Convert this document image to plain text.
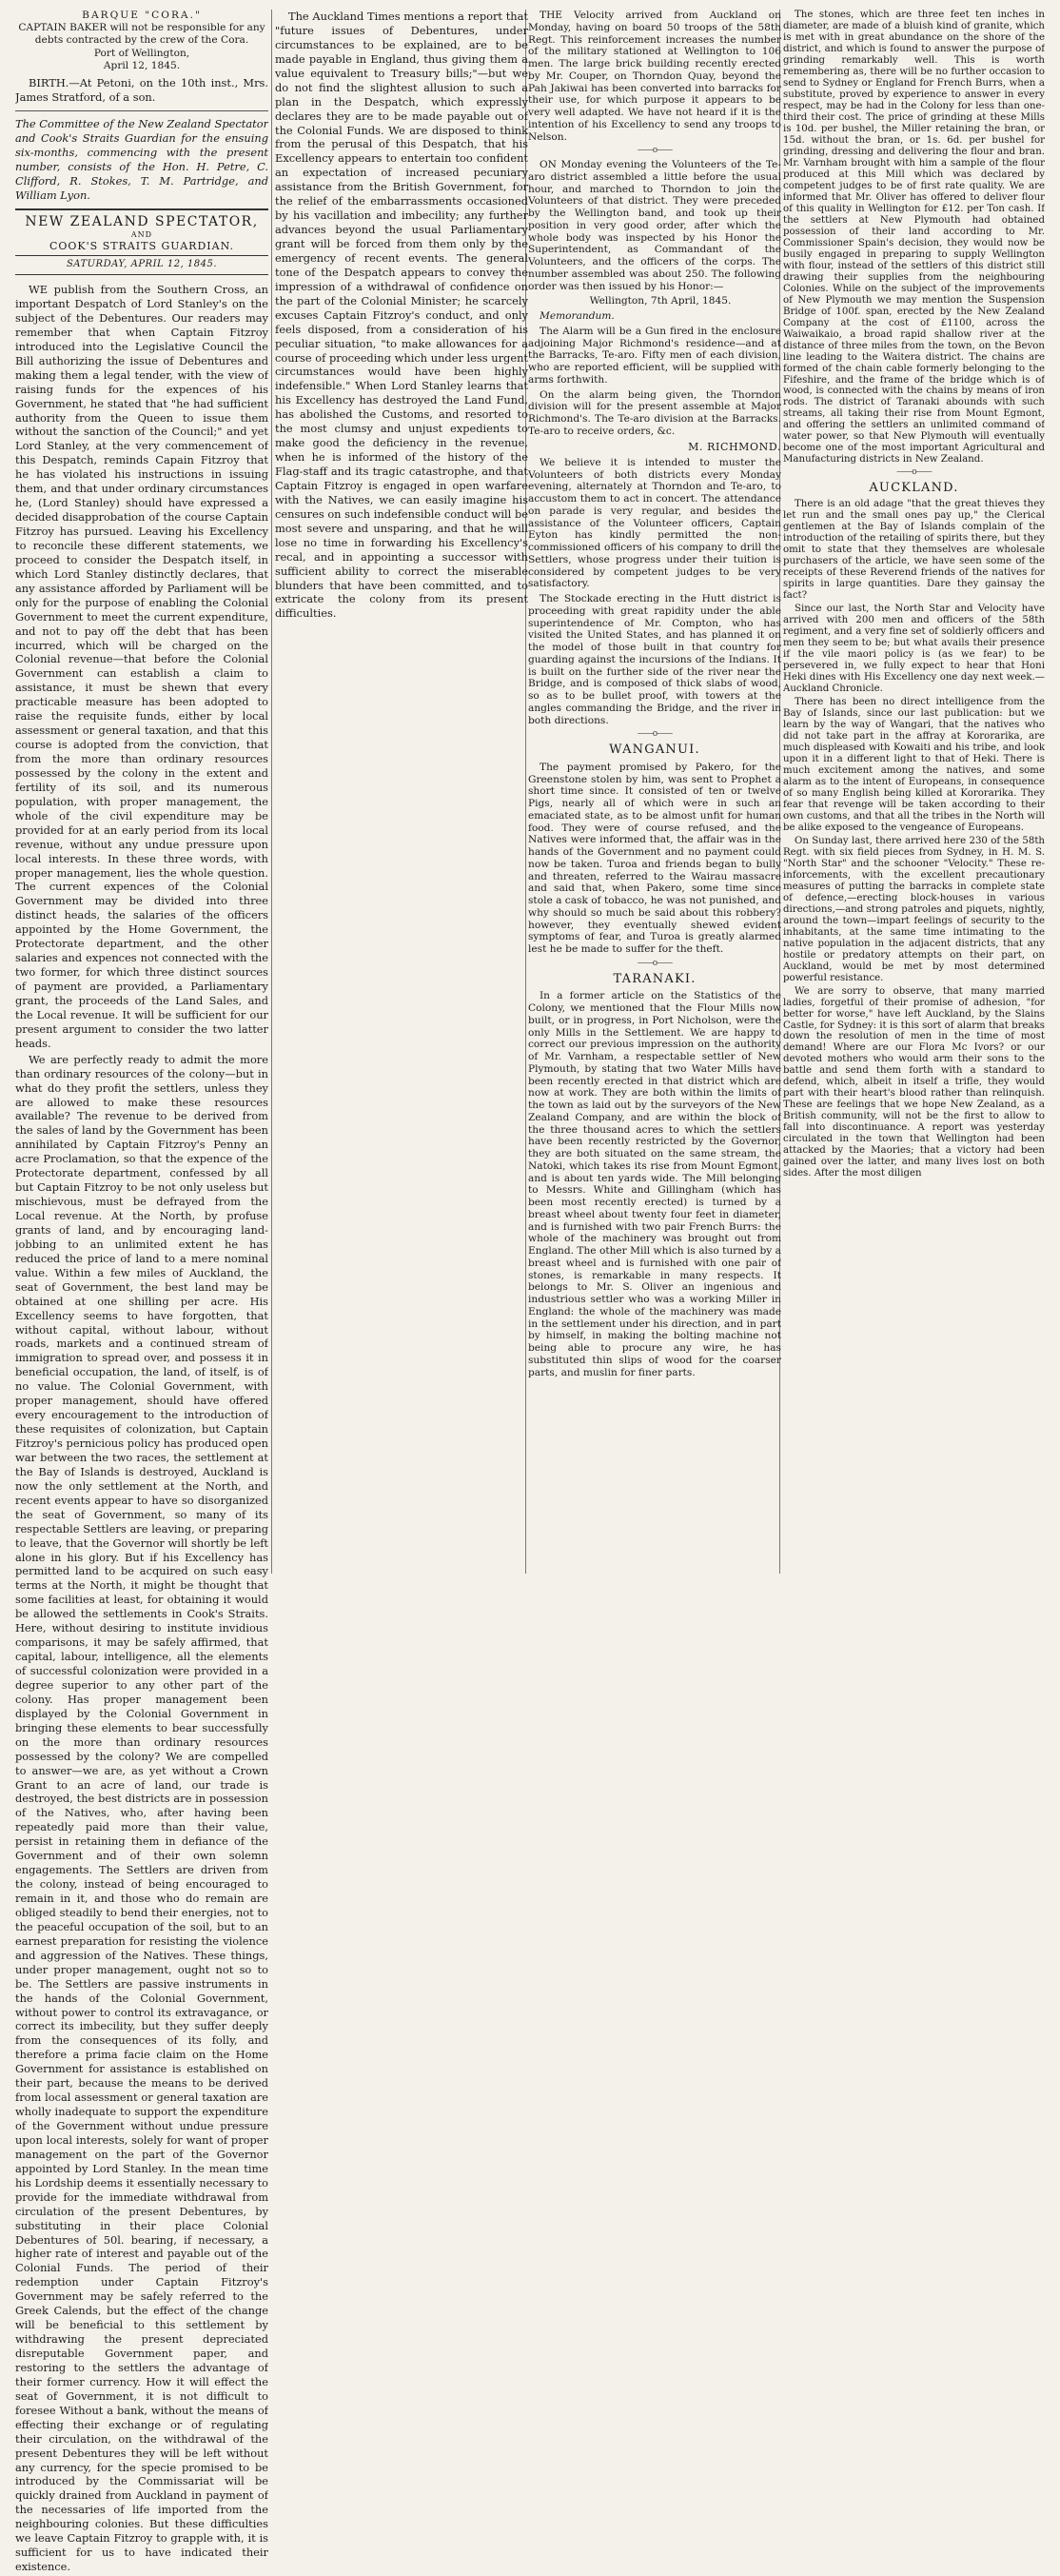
BARQUE "CORA."
CAPTAIN BAKER will not be responsible for any debts contracted by the crew of the Cora.
Port of Wellington,
April 12, 1845.

BIRTH.—At Petoni, on the 10th inst., Mrs. James Stratford, of a son.

The Committee of the New Zealand Spectator and Cook's Straits Guardian for the ensuing six-months, commencing with the present number, consists of the Hon. H. Petre, C. Clifford, R. Stokes, T. M. Partridge, and William Lyon.

NEW ZEALAND SPECTATOR,
AND
COOK'S STRAITS GUARDIAN.
SATURDAY, APRIL 12, 1845.

WE publish from the Southern Cross, an important Despatch of Lord Stanley's on the subject of the Debentures. Our readers may remember that when Captain Fitzroy introduced into the Legislative Council the Bill authorizing the issue of Debentures and making them a legal tender, with the view of raising funds for the expences of his Government, he stated that "he had sufficient authority from the Queen to issue them without the sanction of the Council;" and yet Lord Stanley, at the very commencement of this Despatch, reminds Capain Fitzroy that he has violated his instructions in issuing them, and that under ordinary circumstances he, (Lord Stanley) should have expressed a decided disapprobation of the course Captain Fitzroy has pursued. Leaving his Excellency to reconcile these different statements, we proceed to consider the Despatch itself, in which Lord Stanley distinctly declares, that any assistance afforded by Parliament will be only for the purpose of enabling the Colonial Government to meet the current expenditure, and not to pay off the debt that has been incurred, which will be charged on the Colonial revenue—that before the Colonial Government can establish a claim to assistance, it must be shewn that every practicable measure has been adopted to raise the requisite funds, either by local assessment or general taxation, and that this course is adopted from the conviction, that from the more than ordinary resources possessed by the colony in the extent and fertility of its soil, and its numerous population, with proper management, the whole of the civil expenditure may be provided for at an early period from its local revenue, without any undue pressure upon local interests. In these three words, with proper management, lies the whole question. The current expences of the Colonial Government may be divided into three distinct heads, the salaries of the officers appointed by the Home Government, the Protectorate department, and the other salaries and expences not connected with the two former, for which three distinct sources of payment are provided, a Parliamentary grant, the proceeds of the Land Sales, and the Local revenue. It will be sufficient for our present argument to consider the two latter heads.

We are perfectly ready to admit the more than ordinary resources of the colony—but in what do they profit the settlers, unless they are allowed to make these resources available? The revenue to be derived from the sales of land by the Government has been annihilated by Captain Fitzroy's Penny an acre Proclamation, so that the expence of the Protectorate department, confessed by all but Captain Fitzroy to be not only useless but mischievous, must be defrayed from the Local revenue. At the North, by profuse grants of land, and by encouraging land-jobbing to an unlimited extent he has reduced the price of land to a mere nominal value. Within a few miles of Auckland, the seat of Government, the best land may be obtained at one shilling per acre. His Excellency seems to have forgotten, that without capital, without labour, without roads, markets and a continued stream of immigration to spread over, and possess it in beneficial occupation, the land, of itself, is of no value. The Colonial Government, with proper management, should have offered every encouragement to the introduction of these requisites of colonization, but Captain Fitzroy's pernicious policy has produced open war between the two races, the settlement at the Bay of Islands is destroyed, Auckland is now the only settlement at the North, and recent events appear to have so disorganized the seat of Government, so many of its respectable Settlers are leaving, or preparing to leave, that the Governor will shortly be left alone in his glory. But if his Excellency has permitted land to be acquired on such easy terms at the North, it might be thought that some facilities at least, for obtaining it would be allowed the settlements in Cook's Straits. Here, without desiring to institute invidious comparisons, it may be safely affirmed, that capital, labour, intelligence, all the elements of successful colonization were provided in a degree superior to any other part of the colony. Has proper management been displayed by the Colonial Government in bringing these elements to bear successfully on the more than ordinary resources possessed by the colony? We are compelled to answer—we are, as yet without a Crown Grant to an acre of land, our trade is destroyed, the best districts are in possession of the Natives, who, after having been repeatedly paid more than their value, persist in retaining them in defiance of the Government and of their own solemn engagements. The Settlers are driven from the colony, instead of being encouraged to remain in it, and those who do remain are obliged steadily to bend their energies, not to the peaceful occupation of the soil, but to an earnest preparation for resisting the violence and aggression of the Natives. These things, under proper management, ought not so to be. The Settlers are passive instruments in the hands of the Colonial Government, without power to control its extravagance, or correct its imbecility, but they suffer deeply from the consequences of its folly, and therefore a prima facie claim on the Home Government for assistance is established on their part, because the means to be derived from local assessment or general taxation are wholly inadequate to support the expenditure of the Government without undue pressure upon local interests, solely for want of proper management on the part of the Governor appointed by Lord Stanley. In the mean time his Lordship deems it essentially necessary to provide for the immediate withdrawal from circulation of the present Debentures, by substituting in their place Colonial Debentures of 50l. bearing, if necessary, a higher rate of interest and payable out of the Colonial Funds. The period of their redemption under Captain Fitzroy's Government may be safely referred to the Greek Calends, but the effect of the change will be beneficial to this settlement by withdrawing the present depreciated disreputable Government paper, and restoring to the settlers the advantage of their former currency. How it will effect the seat of Government, it is not difficult to foresee Without a bank, without the means of effecting their exchange or of regulating their circulation, on the withdrawal of the present Debentures they will be left without any currency, for the specie promised to be introduced by the Commissariat will be quickly drained from Auckland in payment of the necessaries of life imported from the neighbouring colonies. But these difficulties we leave Captain Fitzroy to grapple with, it is sufficient for us to have indicated their existence.

The Auckland Times mentions a report that "future issues of Debentures, under circumstances to be explained, are to be made payable in England, thus giving them a value equivalent to Treasury bills;"—but we do not find the slightest allusion to such a plan in the Despatch, which expressly declares they are to be made payable out of the Colonial Funds. We are disposed to think from the perusal of this Despatch, that his Excellency appears to entertain too confident an expectation of increased pecuniary assistance from the British Government, for the relief of the embarrassments occasioned by his vacillation and imbecility; any further advances beyond the usual Parliamentary grant will be forced from them only by the emergency of recent events. The general tone of the Despatch appears to convey the impression of a withdrawal of confidence on the part of the Colonial Minister; he scarcely excuses Captain Fitzroy's conduct, and only feels disposed, from a consideration of his peculiar situation, "to make allowances for a course of proceeding which under less urgent circumstances would have been highly indefensible." When Lord Stanley learns that his Excellency has destroyed the Land Fund, has abolished the Customs, and resorted to the most clumsy and unjust expedients to make good the deficiency in the revenue, when he is informed of the history of the Flag-staff and its tragic catastrophe, and that Captain Fitzroy is engaged in open warfare with the Natives, we can easily imagine his censures on such indefensible conduct will be most severe and unsparing, and that he will lose no time in forwarding his Excellency's recal, and in appointing a successor with sufficient ability to correct the miserable blunders that have been committed, and to extricate the colony from its present difficulties.

THE Velocity arrived from Auckland on Monday, having on board 50 troops of the 58th Regt. This reinforcement increases the number of the military stationed at Wellington to 106 men. The large brick building recently erected by Mr. Couper, on Thorndon Quay, beyond the Pah Jakiwai has been converted into barracks for their use, for which purpose it appears to be very well adapted. We have not heard if it is the intention of his Excellency to send any troops to Nelson.

——o——

ON Monday evening the Volunteers of the Te-aro district assembled a little before the usual hour, and marched to Thorndon to join the Volunteers of that district. They were preceded by the Wellington band, and took up their position in very good order, after which the whole body was inspected by his Honor the Superintendent, as Commandant of the Volunteers, and the officers of the corps. The number assembled was about 250. The following order was then issued by his Honor:—

Wellington, 7th April, 1845.

Memorandum.

The Alarm will be a Gun fired in the enclosure adjoining Major Richmond's residence—and at the Barracks, Te-aro. Fifty men of each division, who are reported efficient, will be supplied with arms forthwith.

On the alarm being given, the Thorndon division will for the present assemble at Major Richmond's. The Te-aro division at the Barracks. Te-aro to receive orders, &c.

M. RICHMOND.

We believe it is intended to muster the Volunteers of both districts every Monday evening, alternately at Thorndon and Te-aro, to accustom them to act in concert. The attendance on parade is very regular, and besides the assistance of the Volunteer officers, Captain Eyton has kindly permitted the non-commissioned officers of his company to drill the Settlers, whose progress under their tuition is considered by competent judges to be very satisfactory.

The Stockade erecting in the Hutt district is proceeding with great rapidity under the able superintendence of Mr. Compton, who has visited the United States, and has planned it on the model of those built in that country for guarding against the incursions of the Indians. It is built on the further side of the river near the Bridge, and is composed of thick slabs of wood, so as to be bullet proof, with towers at the angles commanding the Bridge, and the river in both directions.

——o——
WANGANUI.

The payment promised by Pakero, for the Greenstone stolen by him, was sent to Prophet a short time since. It consisted of ten or twelve Pigs, nearly all of which were in such an emaciated state, as to be almost unfit for human food. They were of course refused, and the Natives were informed that, the affair was in the hands of the Government and no payment could now be taken. Turoa and friends began to bully and threaten, referred to the Wairau massacre and said that, when Pakero, some time since stole a cask of tobacco, he was not punished, and why should so much be said about this robbery? however, they eventually shewed evident symptoms of fear, and Turoa is greatly alarmed lest he be made to suffer for the theft.

——o——
TARANAKI.

In a former article on the Statistics of the Colony, we mentioned that the Flour Mills now built, or in progress, in Port Nicholson, were the only Mills in the Settlement. We are happy to correct our previous impression on the authority of Mr. Varnham, a respectable settler of New Plymouth, by stating that two Water Mills have been recently erected in that district which are now at work. They are both within the limits of the town as laid out by the surveyors of the New Zealand Company, and are within the block of the three thousand acres to which the settlers have been recently restricted by the Governor, they are both situated on the same stream, the Natoki, which takes its rise from Mount Egmont, and is about ten yards wide. The Mill belonging to Messrs. White and Gillingham (which has been most recently erected) is turned by a breast wheel about twenty four feet in diameter, and is furnished with two pair French Burrs: the whole of the machinery was brought out from England. The other Mill which is also turned by a breast wheel and is furnished with one pair of stones, is remarkable in many respects. It belongs to Mr. S. Oliver an ingenious and industrious settler who was a working Miller in England: the whole of the machinery was made in the settlement under his direction, and in part by himself, in making the bolting machine not being able to procure any wire, he has substituted thin slips of wood for the coarser parts, and muslin for finer parts.

The stones, which are three feet ten inches in diameter, are made of a bluish kind of granite, which is met with in great abundance on the shore of the district, and which is found to answer the purpose of grinding remarkably well. This is worth remembering as, there will be no further occasion to send to Sydney or England for French Burrs, when a substitute, proved by experience to answer in every respect, may be had in the Colony for less than one-third their cost. The price of grinding at these Mills is 10d. per bushel, the Miller retaining the bran, or 15d. without the bran, or 1s. 6d. per bushel for grinding, dressing and delivering the flour and bran. Mr. Varnham brought with him a sample of the flour produced at this Mill which was declared by competent judges to be of first rate quality. We are informed that Mr. Oliver has offered to deliver flour of this quality in Wellington for £12. per Ton cash. If the settlers at New Plymouth had obtained possession of their land according to Mr. Commissioner Spain's decision, they would now be busily engaged in preparing to supply Wellington with flour, instead of the settlers of this district still drawing their supplies from the neighbouring Colonies. While on the subject of the improvements of New Plymouth we may mention the Suspension Bridge of 100f. span, erected by the New Zealand Company at the cost of £1100, across the Waiwaikaio, a broad rapid shallow river at the distance of three miles from the town, on the Bevon line leading to the Waitera district. The chains are formed of the chain cable formerly belonging to the Fifeshire, and the frame of the bridge which is of wood, is connected with the chains by means of iron rods. The district of Taranaki abounds with such streams, all taking their rise from Mount Egmont, and offering the settlers an unlimited command of water power, so that New Plymouth will eventually become one of the most important Agricultural and Manufacturing districts in New Zealand.

——o——
AUCKLAND.

There is an old adage "that the great thieves they let run and the small ones pay up," the Clerical gentlemen at the Bay of Islands complain of the introduction of the retailing of spirits there, but they omit to state that they themselves are wholesale purchasers of the article, we have seen some of the receipts of these Reverend friends of the natives for spirits in large quantities. Dare they gainsay the fact?

Since our last, the North Star and Velocity have arrived with 200 men and officers of the 58th regiment, and a very fine set of soldierly officers and men they seem to be; but what avails their presence if the vile maori policy is (as we fear) to be persevered in, we fully expect to hear that Honi Heki dines with His Excellency one day next week.—Auckland Chronicle.

There has been no direct intelligence from the Bay of Islands, since our last publication: but we learn by the way of Wangari, that the natives who did not take part in the affray at Kororarika, are much displeased with Kowaiti and his tribe, and look upon it in a different light to that of Heki. There is much excitement among the natives, and some alarm as to the intent of Europeans, in consequence of so many English being killed at Kororarika. They fear that revenge will be taken according to their own customs, and that all the tribes in the North will be alike exposed to the vengeance of Europeans.

On Sunday last, there arrived here 230 of the 58th Regt. with six field pieces from Sydney, in H. M. S. "North Star" and the schooner "Velocity." These re-inforcements, with the excellent precautionary measures of putting the barracks in complete state of defence,—erecting block-houses in various directions,—and strong patroles and piquets, nightly, around the town—impart feelings of security to the inhabitants, at the same time intimating to the native population in the adjacent districts, that any hostile or predatory attempts on their part, on Auckland, would be met by most determined powerful resistance.

We are sorry to observe, that many married ladies, forgetful of their promise of adhesion, "for better for worse," have left Auckland, by the Slains Castle, for Sydney: it is this sort of alarm that breaks down the resolution of men in the time of most demand! Where are our Flora Mc Ivors? or our devoted mothers who would arm their sons to the battle and send them forth with a standard to defend, which, albeit in itself a trifle, they would part with their heart's blood rather than relinquish. These are feelings that we hope New Zealand, as a British community, will not be the first to allow to fall into discontinuance. A report was yesterday circulated in the town that Wellington had been attacked by the Maories; that a victory had been gained over the latter, and many lives lost on both sides. After the most diligen
